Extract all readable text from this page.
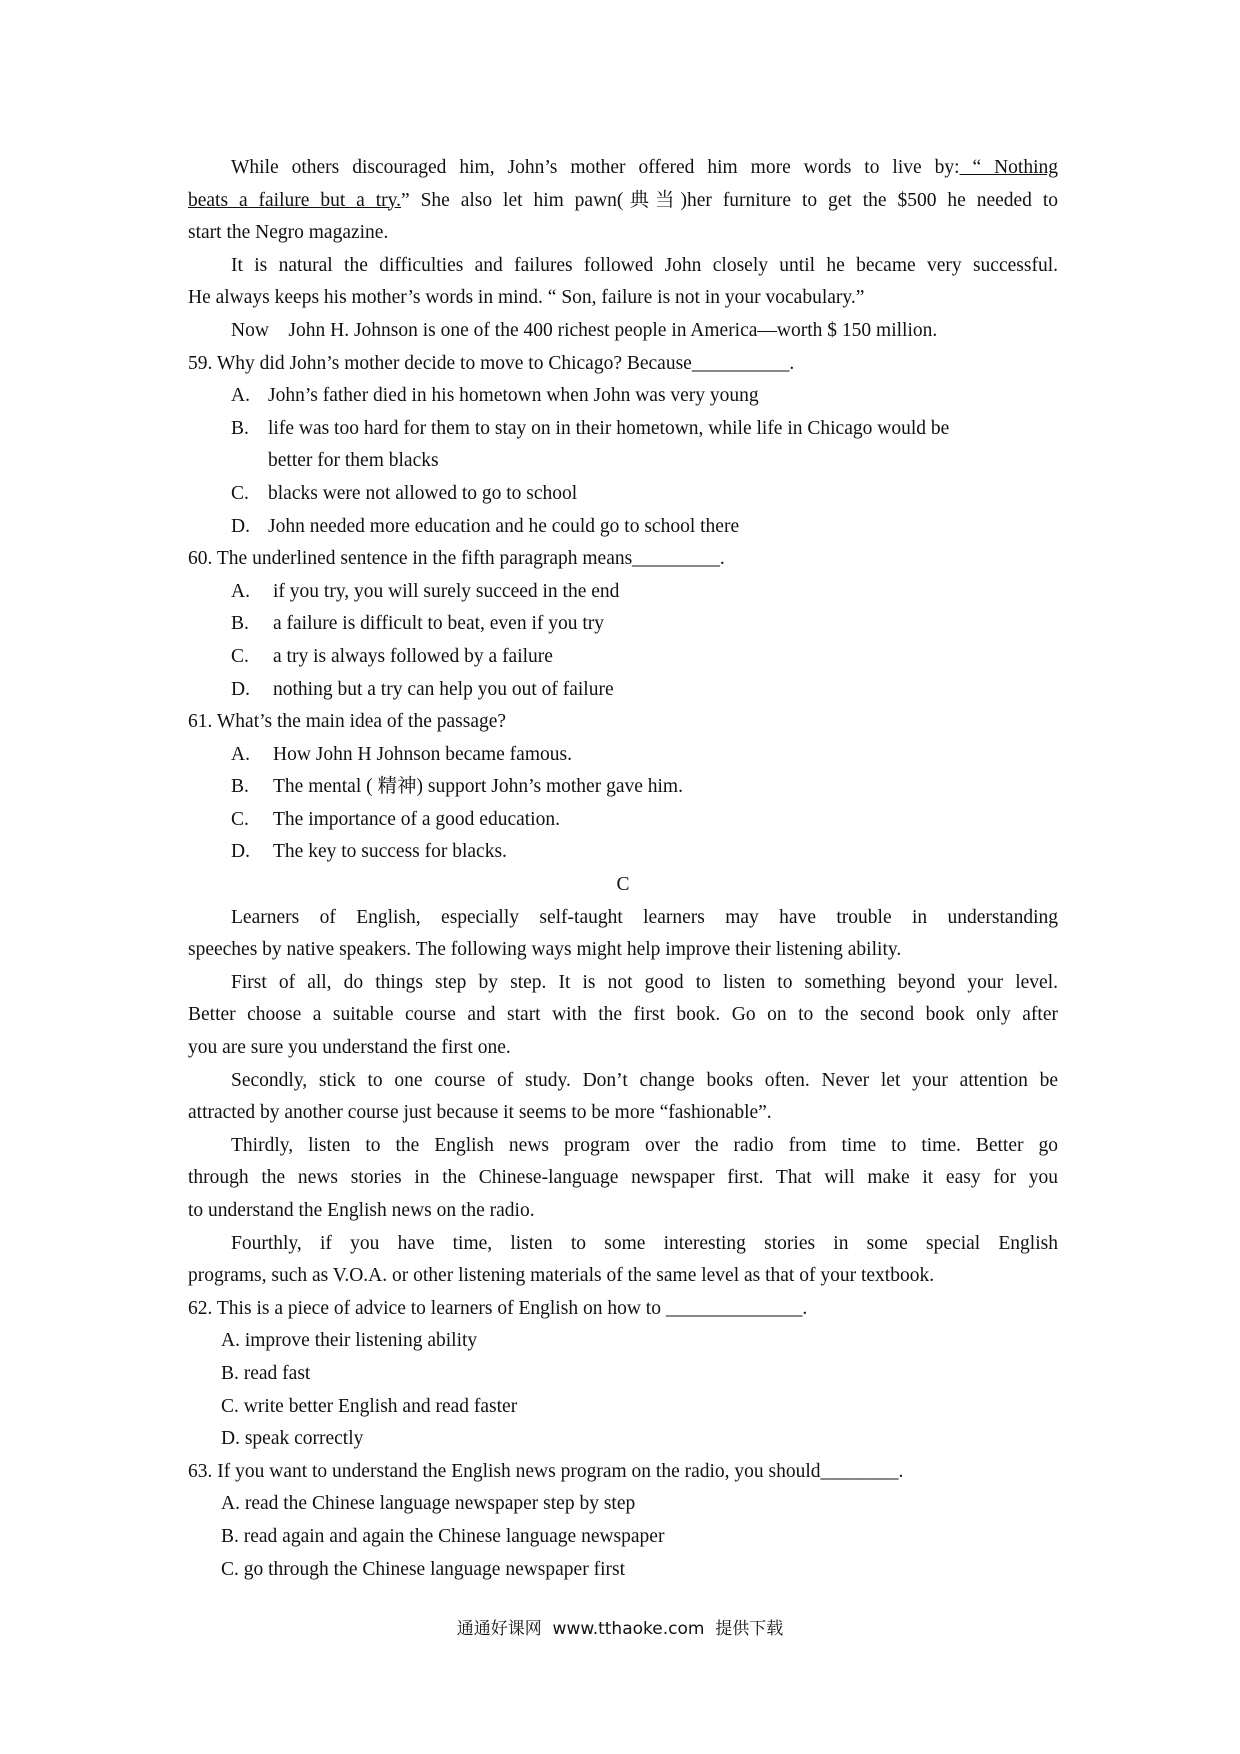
While others discouraged him, John’s mother offered him more words to live by: “ Nothing
beats a failure but a try.” She also let him pawn(典当)her furniture to get the $500 he needed to
start the Negro magazine.
It is natural the difficulties and failures followed John closely until he became very successful.
He always keeps his mother’s words in mind. “ Son, failure is not in your vocabulary.”
Now    John H. Johnson is one of the 400 richest people in America—worth $ 150 million.
59. Why did John’s mother decide to move to Chicago? Because__________.
A. John’s father died in his hometown when John was very young
B. life was too hard for them to stay on in their hometown, while life in Chicago would be
better for them blacks
C. blacks were not allowed to go to school
D. John needed more education and he could go to school there
60. The underlined sentence in the fifth paragraph means_________.
A. if you try, you will surely succeed in the end
B. a failure is difficult to beat, even if you try
C. a try is always followed by a failure
D. nothing but a try can help you out of failure
61. What’s the main idea of the passage?
A. How John H Johnson became famous.
B. The mental ( 精神) support John’s mother gave him.
C. The importance of a good education.
D. The key to success for blacks.
C
Learners of English, especially self-taught learners may have trouble in understanding
speeches by native speakers. The following ways might help improve their listening ability.
First of all, do things step by step. It is not good to listen to something beyond your level.
Better choose a suitable course and start with the first book. Go on to the second book only after
you are sure you understand the first one.
Secondly, stick to one course of study. Don’t change books often. Never let your attention be
attracted by another course just because it seems to be more “fashionable”.
Thirdly, listen to the English news program over the radio from time to time. Better go
through the news stories in the Chinese-language newspaper first. That will make it easy for you
to understand the English news on the radio.
Fourthly, if you have time, listen to some interesting stories in some special English
programs, such as V.O.A. or other listening materials of the same level as that of your textbook.
62. This is a piece of advice to learners of English on how to ______________.
A. improve their listening ability
B. read fast
C. write better English and read faster
D. speak correctly
63. If you want to understand the English news program on the radio, you should________.
A. read the Chinese language newspaper step by step
B. read again and again the Chinese language newspaper
C. go through the Chinese language newspaper first
通通好课网  www.tthaoke.com  提供下载
